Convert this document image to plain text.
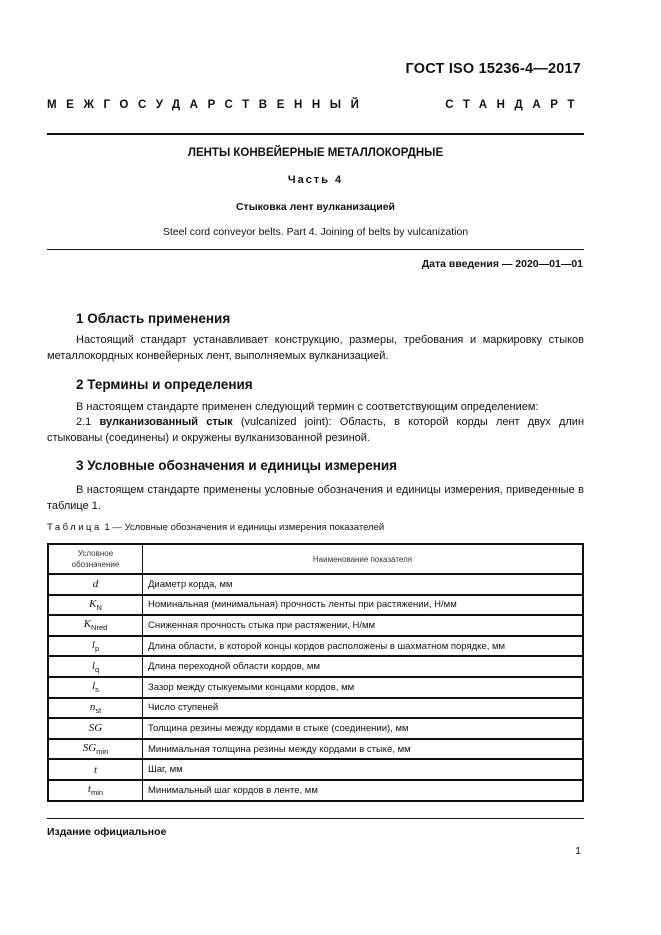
ГОСТ ISO 15236-4—2017
МЕЖГОСУДАРСТВЕННЫЙ СТАНДАРТ
ЛЕНТЫ КОНВЕЙЕРНЫЕ МЕТАЛЛОКОРДНЫЕ
Часть 4
Стыковка лент вулканизацией
Steel cord conveyor belts. Part 4. Joining of belts by vulcanization
Дата введения — 2020—01—01
1 Область применения
Настоящий стандарт устанавливает конструкцию, размеры, требования и маркировку стыков металлокордных конвейерных лент, выполняемых вулканизацией.
2 Термины и определения
В настоящем стандарте применен следующий термин с соответствующим определением:
2.1 вулканизованный стык (vulcanized joint): Область, в которой корды лент двух длин стыкованы (соединены) и окружены вулканизованной резиной.
3 Условные обозначения и единицы измерения
В настоящем стандарте применены условные обозначения и единицы измерения, приведенные в таблице 1.
Таблица 1 — Условные обозначения и единицы измерения показателей
Условное
обозначение	Наименование показателя
d	Диаметр корда, мм
$K_N$	Номинальная (минимальная) прочность ленты при растяжении, Н/мм
$K_{Nred}$	Сниженная прочность стыка при растяжении, Н/мм
$l_p$	Длина области, в которой концы кордов расположены в шахматном порядке, мм
$l_q$	Длина переходной области кордов, мм
$l_s$	Зазор между стыкуемыми концами кордов, мм
$n_{st}$	Число ступеней
SG	Толщина резины между кордами в стыке (соединении), мм
$SG_{min}$	Минимальная толщина резины между кордами в стыке, мм
t	Шаг, мм
$t_{min}$	Минимальный шаг кордов в ленте, мм
Издание официальное
1
